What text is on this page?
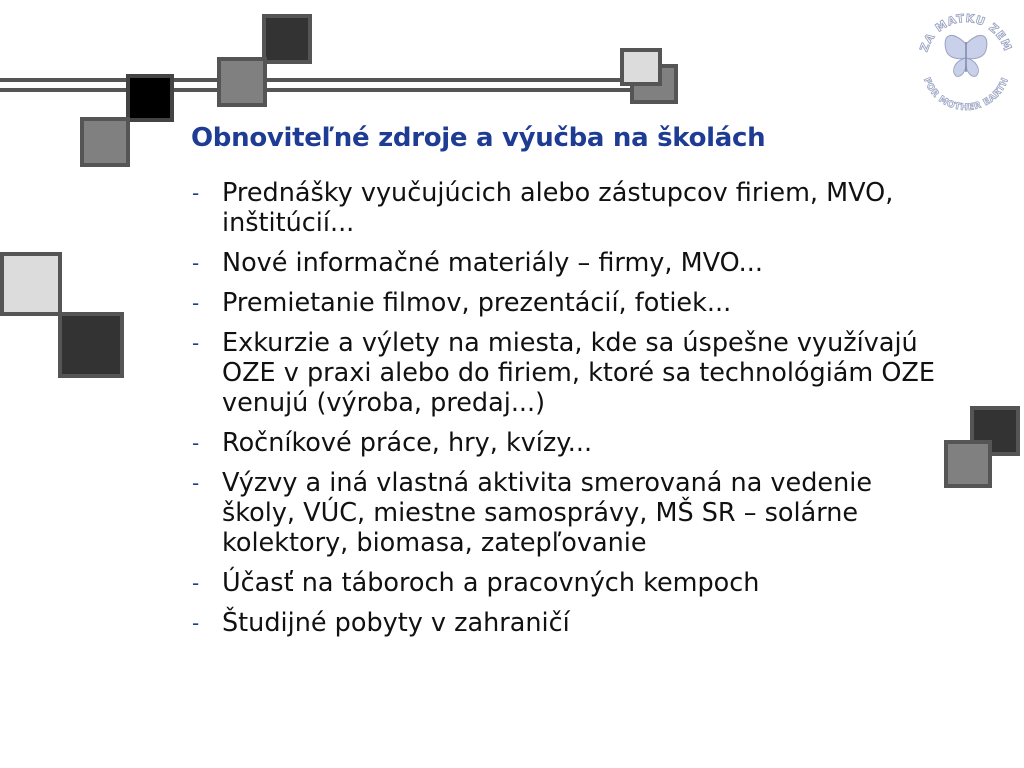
ZA MATKU ZEM
FOR MOTHER EARTH
Obnoviteľné zdroje a výučba na školách
- Prednášky vyučujúcich alebo zástupcov firiem, MVO, inštitúcií...
- Nové informačné materiály – firmy, MVO...
- Premietanie filmov, prezentácií, fotiek...
- Exkurzie a výlety na miesta, kde sa úspešne využívajú OZE v praxi alebo do firiem, ktoré sa technológiám OZE venujú (výroba, predaj...)
- Ročníkové práce, hry, kvízy...
- Výzvy a iná vlastná aktivita smerovaná na vedenie školy, VÚC, miestne samosprávy, MŠ SR – solárne kolektory, biomasa, zatepľovanie
- Účasť na táboroch a pracovných kempoch
- Študijné pobyty v zahraničí
